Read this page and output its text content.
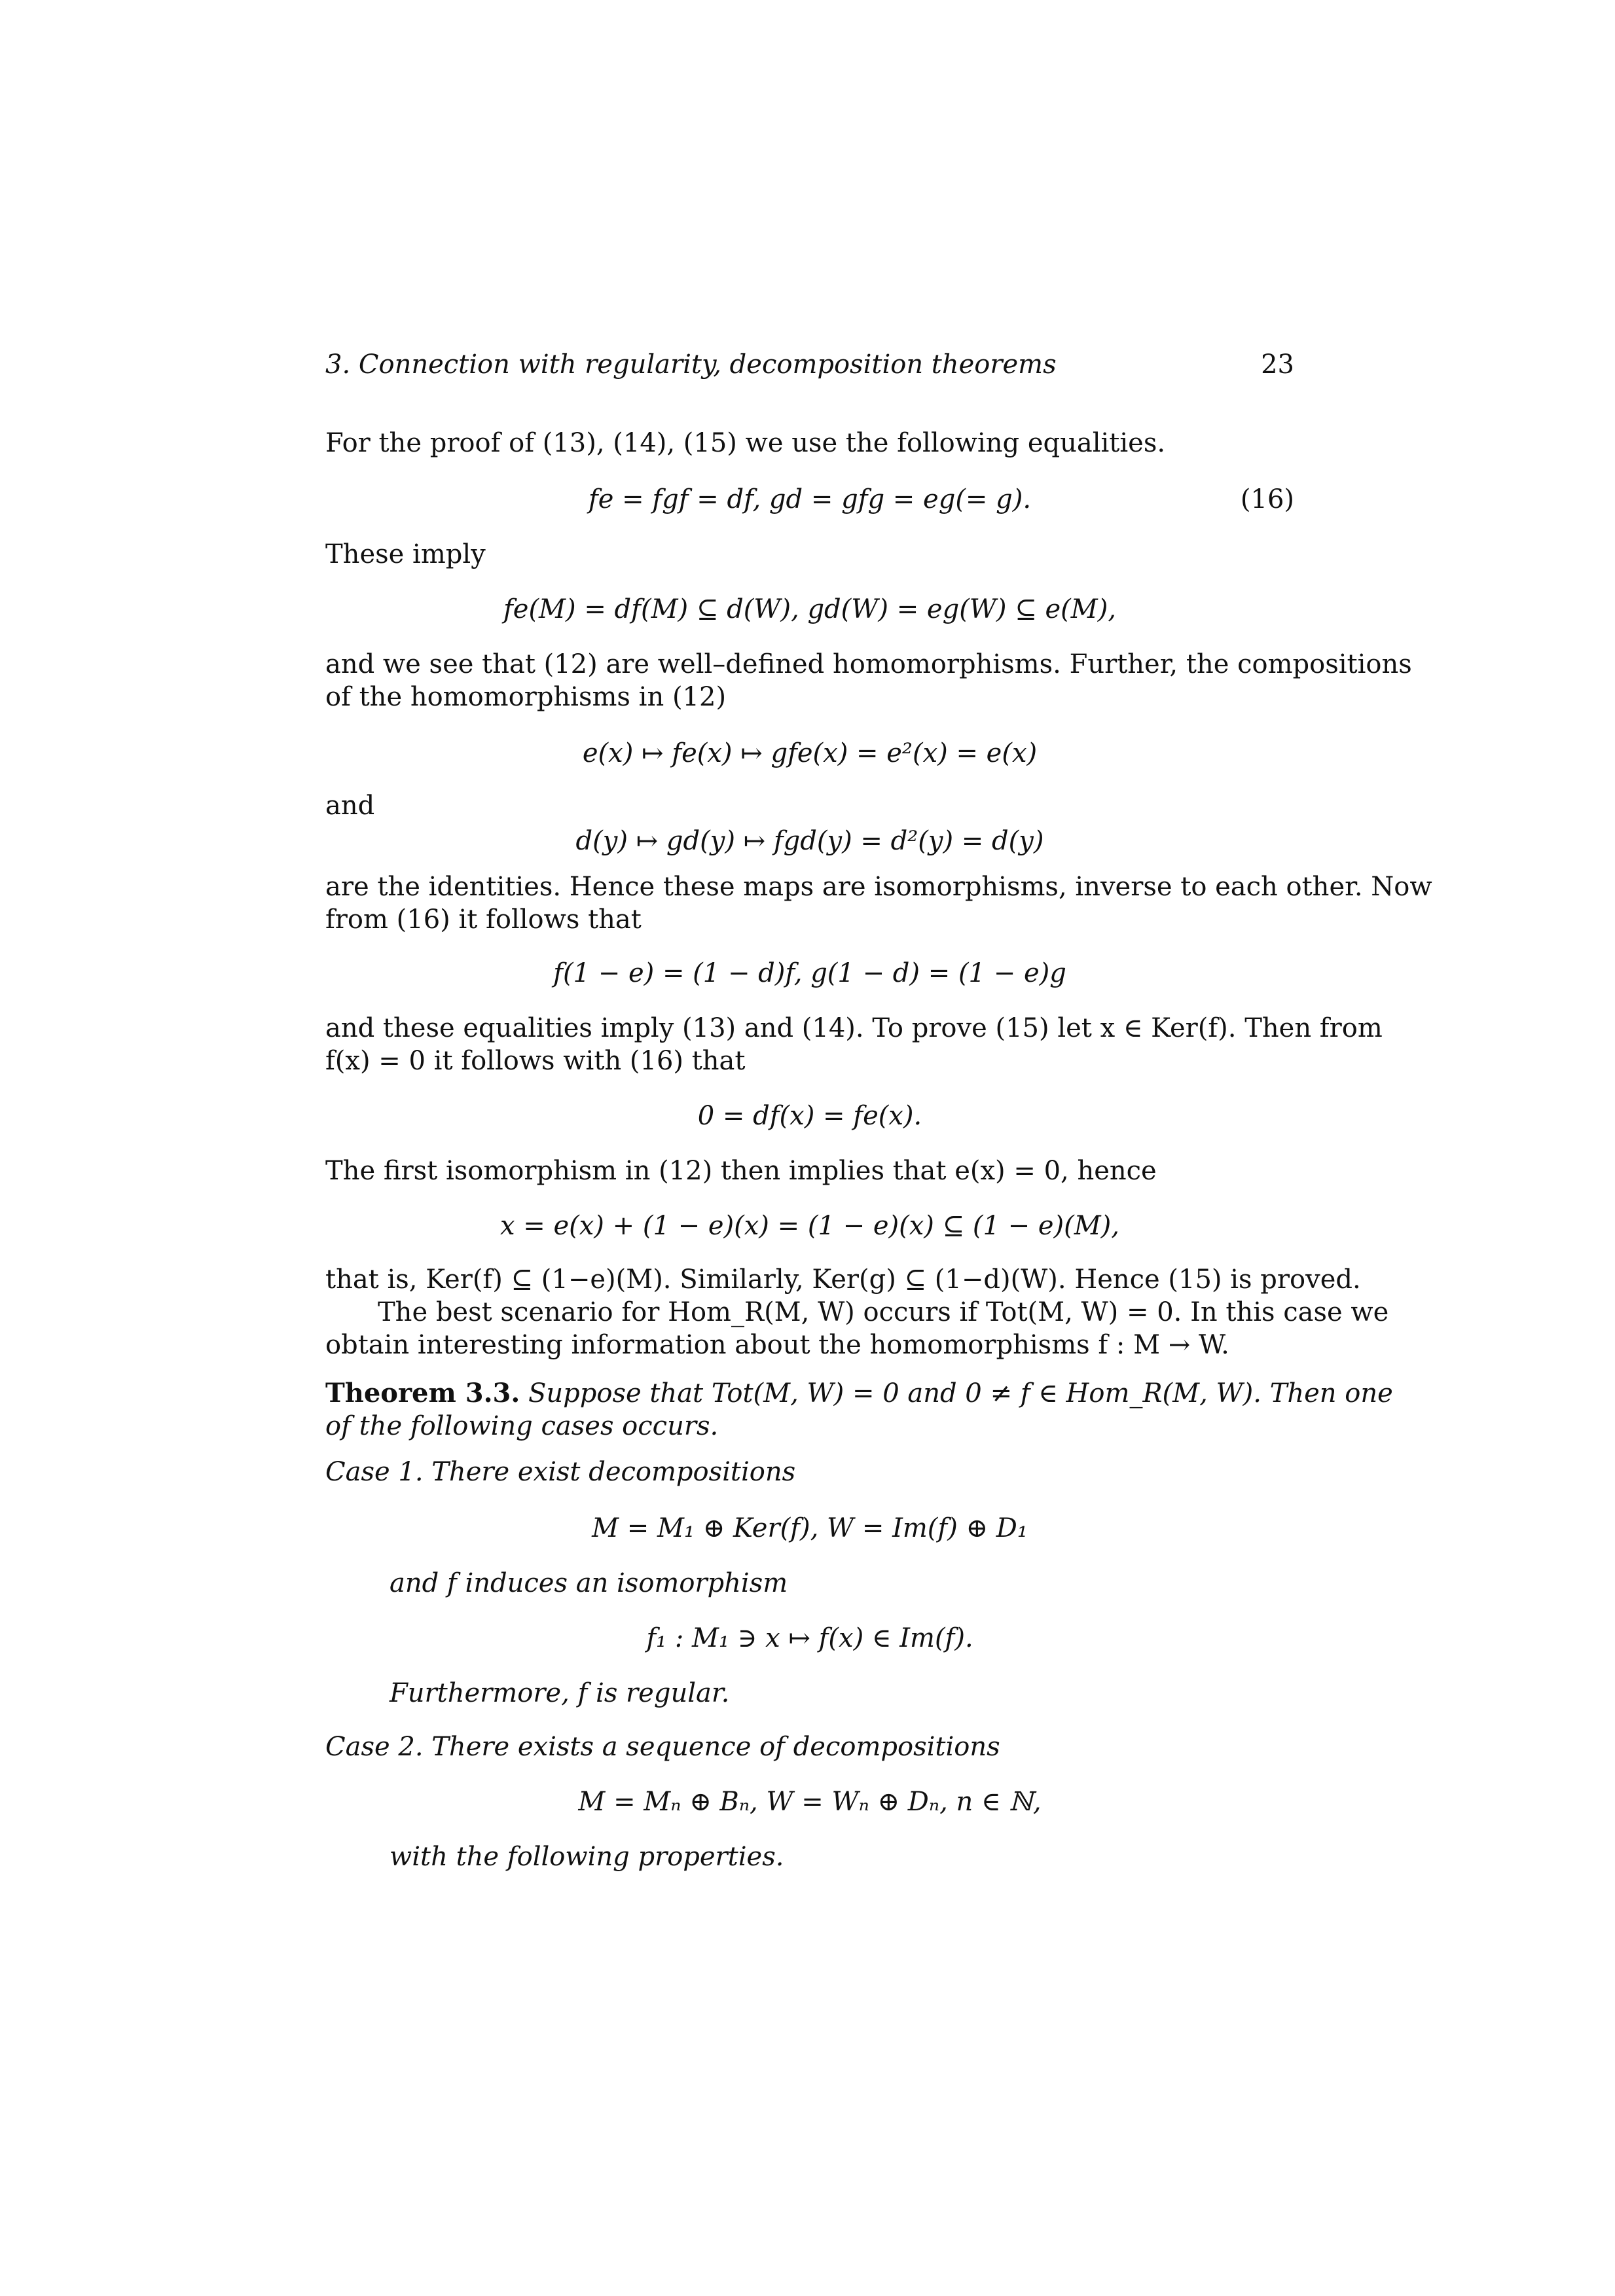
3. Connection with regularity, decomposition theorems	23

For the proof of (13), (14), (15) we use the following equalities.

fe = fgf = df, gd = gfg = eg(= g).	(16)

These imply

fe(M) = df(M) ⊆ d(W), gd(W) = eg(W) ⊆ e(M),

and we see that (12) are well–defined homomorphisms. Further, the compositions

of the homomorphisms in (12)

e(x) ↦ fe(x) ↦ gfe(x) = e²(x) = e(x)

and

d(y) ↦ gd(y) ↦ fgd(y) = d²(y) = d(y)

are the identities. Hence these maps are isomorphisms, inverse to each other. Now

from (16) it follows that

f(1 − e) = (1 − d)f, g(1 − d) = (1 − e)g

and these equalities imply (13) and (14). To prove (15) let x ∈ Ker(f). Then from

f(x) = 0 it follows with (16) that

0 = df(x) = fe(x).

The first isomorphism in (12) then implies that e(x) = 0, hence

x = e(x) + (1 − e)(x) = (1 − e)(x) ⊆ (1 − e)(M),

that is, Ker(f) ⊆ (1−e)(M). Similarly, Ker(g) ⊆ (1−d)(W). Hence (15) is proved.

The best scenario for Hom_R(M, W) occurs if Tot(M, W) = 0. In this case we

obtain interesting information about the homomorphisms f : M → W.

Theorem 3.3. Suppose that Tot(M, W) = 0 and 0 ≠ f ∈ Hom_R(M, W). Then one

of the following cases occurs.

Case 1. There exist decompositions

M = M₁ ⊕ Ker(f), W = Im(f) ⊕ D₁

and f induces an isomorphism

f₁ : M₁ ∋ x ↦ f(x) ∈ Im(f).

Furthermore, f is regular.

Case 2. There exists a sequence of decompositions

M = Mₙ ⊕ Bₙ, W = Wₙ ⊕ Dₙ, n ∈ ℕ,

with the following properties.
